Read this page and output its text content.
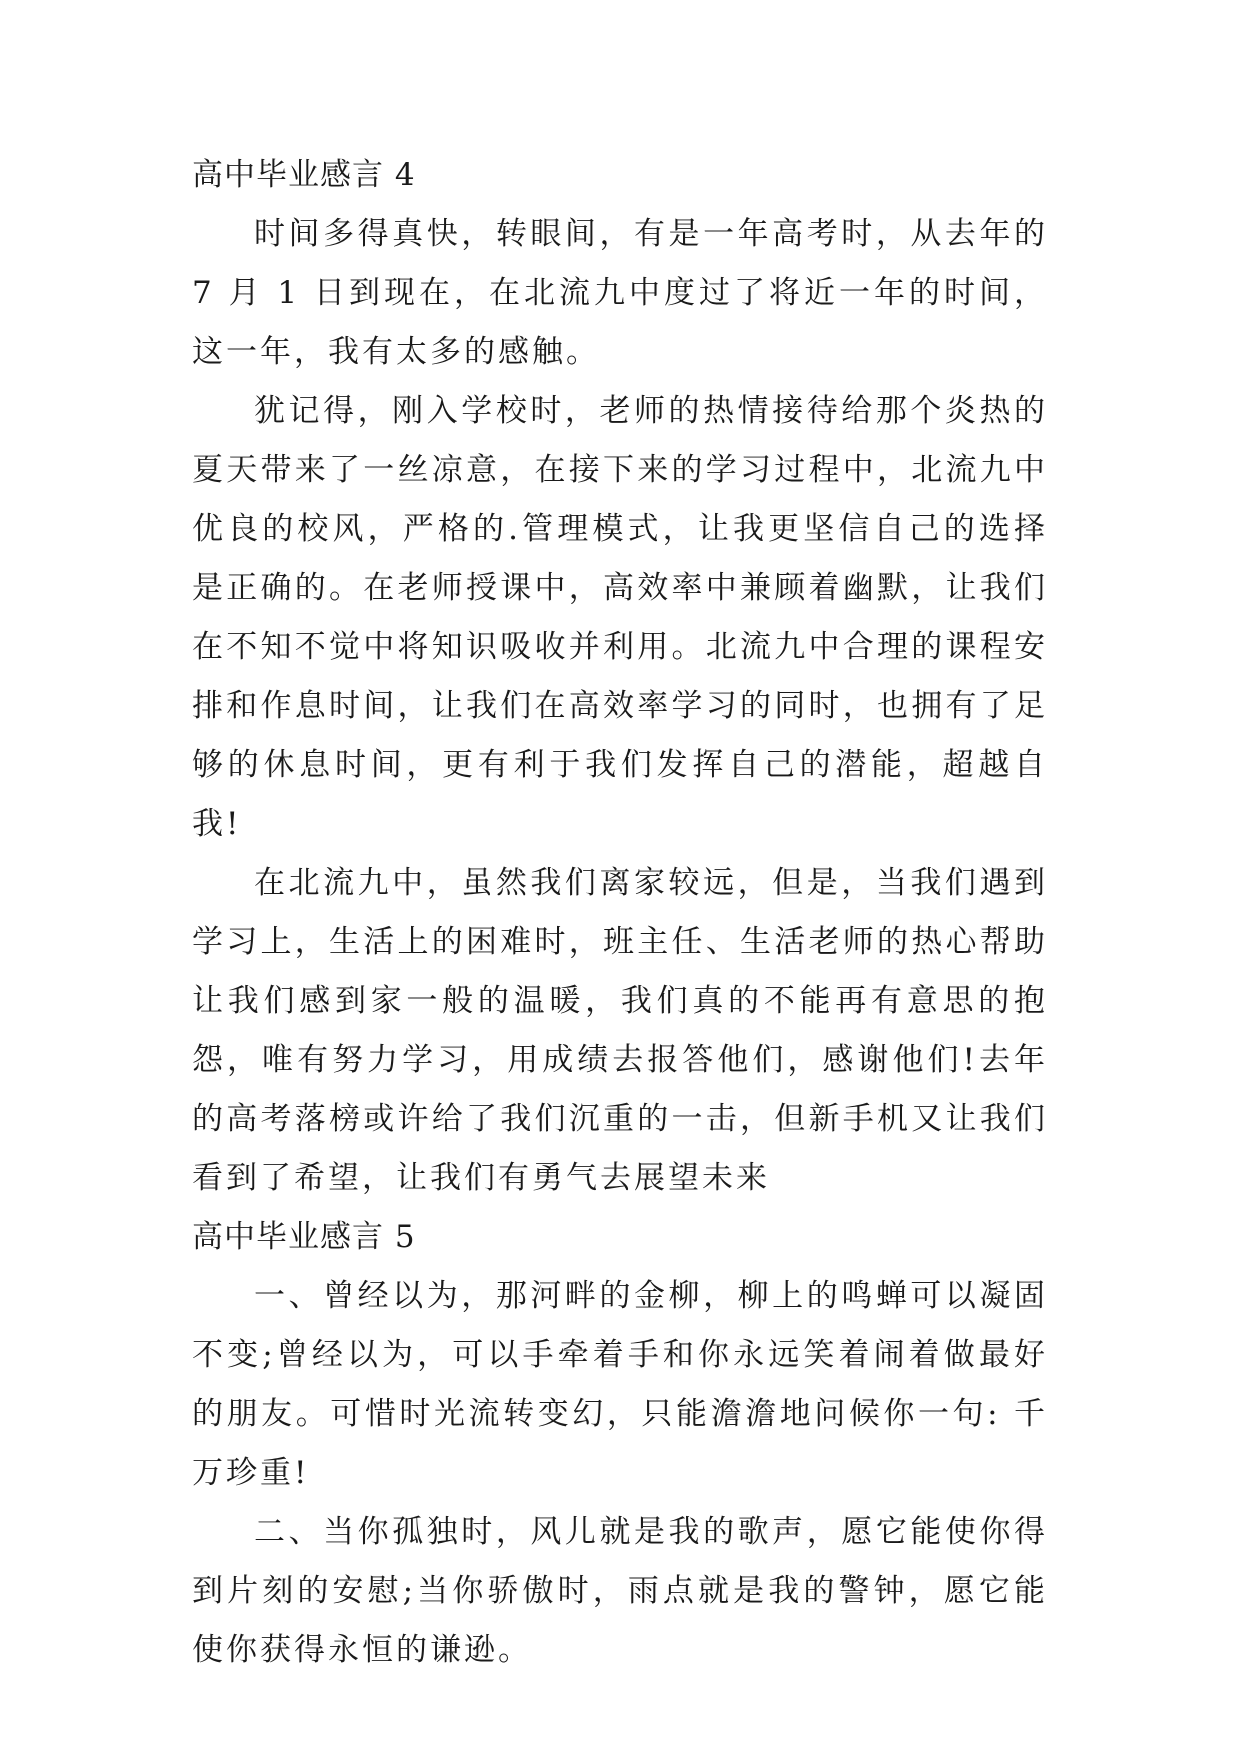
高中毕业感言 4

时间多得真快，转眼间，有是一年高考时，从去年的 7 月 1 日到现在，在北流九中度过了将近一年的时间，这一年，我有太多的感触。

犹记得，刚入学校时，老师的热情接待给那个炎热的夏天带来了一丝凉意，在接下来的学习过程中，北流九中优良的校风，严格的.管理模式，让我更坚信自己的选择是正确的。在老师授课中，高效率中兼顾着幽默，让我们在不知不觉中将知识吸收并利用。北流九中合理的课程安排和作息时间，让我们在高效率学习的同时，也拥有了足够的休息时间，更有利于我们发挥自己的潜能，超越自我!

在北流九中，虽然我们离家较远，但是，当我们遇到学习上，生活上的困难时，班主任、生活老师的热心帮助让我们感到家一般的温暖，我们真的不能再有意思的抱怨，唯有努力学习，用成绩去报答他们，感谢他们!去年的高考落榜或许给了我们沉重的一击，但新手机又让我们看到了希望，让我们有勇气去展望未来

高中毕业感言 5

一、曾经以为，那河畔的金柳，柳上的鸣蝉可以凝固不变;曾经以为，可以手牵着手和你永远笑着闹着做最好的朋友。可惜时光流转变幻，只能澹澹地问候你一句: 千万珍重!

二、当你孤独时，风儿就是我的歌声，愿它能使你得到片刻的安慰;当你骄傲时，雨点就是我的警钟，愿它能使你获得永恒的谦逊。
